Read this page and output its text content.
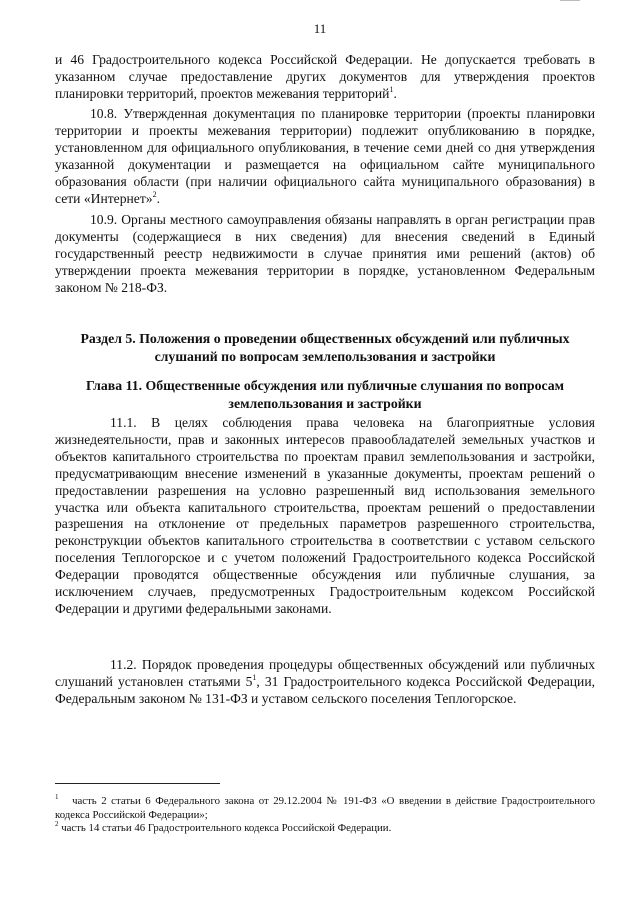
11

и 46 Градостроительного кодекса Российской Федерации. Не допускается требовать в указанном случае предоставление других документов для утверждения проектов планировки территорий, проектов межевания территорий$^1$.

10.8. Утвержденная документация по планировке территории (проекты планировки территории и проекты межевания территории) подлежит опубликованию в порядке, установленном для официального опубликования, в течение семи дней со дня утверждения указанной документации и размещается на официальном сайте муниципального образования области (при наличии официального сайта муниципального образования) в сети «Интернет»$^2$.

10.9. Органы местного самоуправления обязаны направлять в орган регистрации прав документы (содержащиеся в них сведения) для внесения сведений в Единый государственный реестр недвижимости в случае принятия ими решений (актов) об утверждении проекта межевания территории в порядке, установленном Федеральным законом № 218-ФЗ.

Раздел 5. Положения о проведении общественных обсуждений или публичных слушаний по вопросам землепользования и застройки

Глава 11. Общественные обсуждения или публичные слушания по вопросам землепользования и застройки

11.1. В целях соблюдения права человека на благоприятные условия жизнедеятельности, прав и законных интересов правообладателей земельных участков и объектов капитального строительства по проектам правил землепользования и застройки, предусматривающим внесение изменений в указанные документы, проектам решений о предоставлении разрешения на условно разрешенный вид использования земельного участка или объекта капитального строительства, проектам решений о предоставлении разрешения на отклонение от предельных параметров разрешенного строительства, реконструкции объектов капитального строительства в соответствии с уставом сельского поселения Теплогорское и с учетом положений Градостроительного кодекса Российской Федерации проводятся общественные обсуждения или публичные слушания, за исключением случаев, предусмотренных Градостроительным кодексом Российской Федерации и другими федеральными законами.

11.2. Порядок проведения процедуры общественных обсуждений или публичных слушаний установлен статьями $5^1$, 31 Градостроительного кодекса Российской Федерации, Федеральным законом № 131-ФЗ и уставом сельского поселения Теплогорское.

$^1$ часть 2 статьи 6 Федерального закона от 29.12.2004 № 191-ФЗ «О введении в действие Градостроительного кодекса Российской Федерации»;

$^2$ часть 14 статьи 46 Градостроительного кодекса Российской Федерации.
